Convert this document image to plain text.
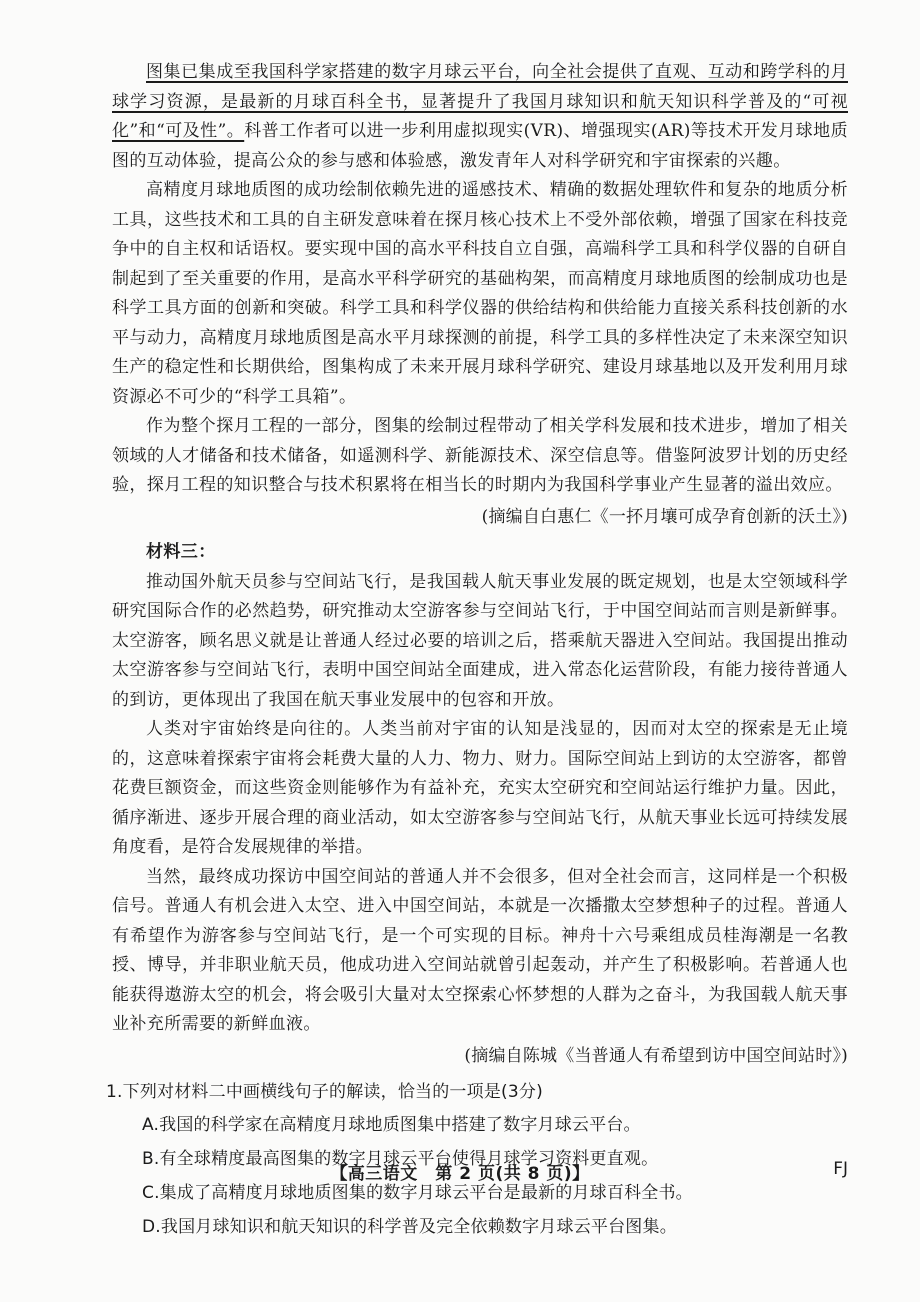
图集已集成至我国科学家搭建的数字月球云平台，向全社会提供了直观、互动和跨学科的月球学习资源，是最新的月球百科全书，显著提升了我国月球知识和航天知识科学普及的“可视化”和“可及性”。科普工作者可以进一步利用虚拟现实(VR)、增强现实(AR)等技术开发月球地质图的互动体验，提高公众的参与感和体验感，激发青年人对科学研究和宇宙探索的兴趣。

高精度月球地质图的成功绘制依赖先进的遥感技术、精确的数据处理软件和复杂的地质分析工具，这些技术和工具的自主研发意味着在探月核心技术上不受外部依赖，增强了国家在科技竞争中的自主权和话语权。要实现中国的高水平科技自立自强，高端科学工具和科学仪器的自研自制起到了至关重要的作用，是高水平科学研究的基础构架，而高精度月球地质图的绘制成功也是科学工具方面的创新和突破。科学工具和科学仪器的供给结构和供给能力直接关系科技创新的水平与动力，高精度月球地质图是高水平月球探测的前提，科学工具的多样性决定了未来深空知识生产的稳定性和长期供给，图集构成了未来开展月球科学研究、建设月球基地以及开发利用月球资源必不可少的“科学工具箱”。

作为整个探月工程的一部分，图集的绘制过程带动了相关学科发展和技术进步，增加了相关领域的人才储备和技术储备，如遥测科学、新能源技术、深空信息等。借鉴阿波罗计划的历史经验，探月工程的知识整合与技术积累将在相当长的时期内为我国科学事业产生显著的溢出效应。

(摘编自白惠仁《一抔月壤可成孕育创新的沃土》)

材料三：

推动国外航天员参与空间站飞行，是我国载人航天事业发展的既定规划，也是太空领域科学研究国际合作的必然趋势，研究推动太空游客参与空间站飞行，于中国空间站而言则是新鲜事。太空游客，顾名思义就是让普通人经过必要的培训之后，搭乘航天器进入空间站。我国提出推动太空游客参与空间站飞行，表明中国空间站全面建成，进入常态化运营阶段，有能力接待普通人的到访，更体现出了我国在航天事业发展中的包容和开放。

人类对宇宙始终是向往的。人类当前对宇宙的认知是浅显的，因而对太空的探索是无止境的，这意味着探索宇宙将会耗费大量的人力、物力、财力。国际空间站上到访的太空游客，都曾花费巨额资金，而这些资金则能够作为有益补充，充实太空研究和空间站运行维护力量。因此，循序渐进、逐步开展合理的商业活动，如太空游客参与空间站飞行，从航天事业长远可持续发展角度看，是符合发展规律的举措。

当然，最终成功探访中国空间站的普通人并不会很多，但对全社会而言，这同样是一个积极信号。普通人有机会进入太空、进入中国空间站，本就是一次播撒太空梦想种子的过程。普通人有希望作为游客参与空间站飞行，是一个可实现的目标。神舟十六号乘组成员桂海潮是一名教授、博导，并非职业航天员，他成功进入空间站就曾引起轰动，并产生了积极影响。若普通人也能获得遨游太空的机会，将会吸引大量对太空探索心怀梦想的人群为之奋斗，为我国载人航天事业补充所需要的新鲜血液。

(摘编自陈城《当普通人有希望到访中国空间站时》)

1.下列对材料二中画横线句子的解读，恰当的一项是(3分)

A.我国的科学家在高精度月球地质图集中搭建了数字月球云平台。

B.有全球精度最高图集的数字月球云平台使得月球学习资料更直观。

C.集成了高精度月球地质图集的数字月球云平台是最新的月球百科全书。

D.我国月球知识和航天知识的科学普及完全依赖数字月球云平台图集。

【高三语文　第 2 页(共 8 页)】	FJ
